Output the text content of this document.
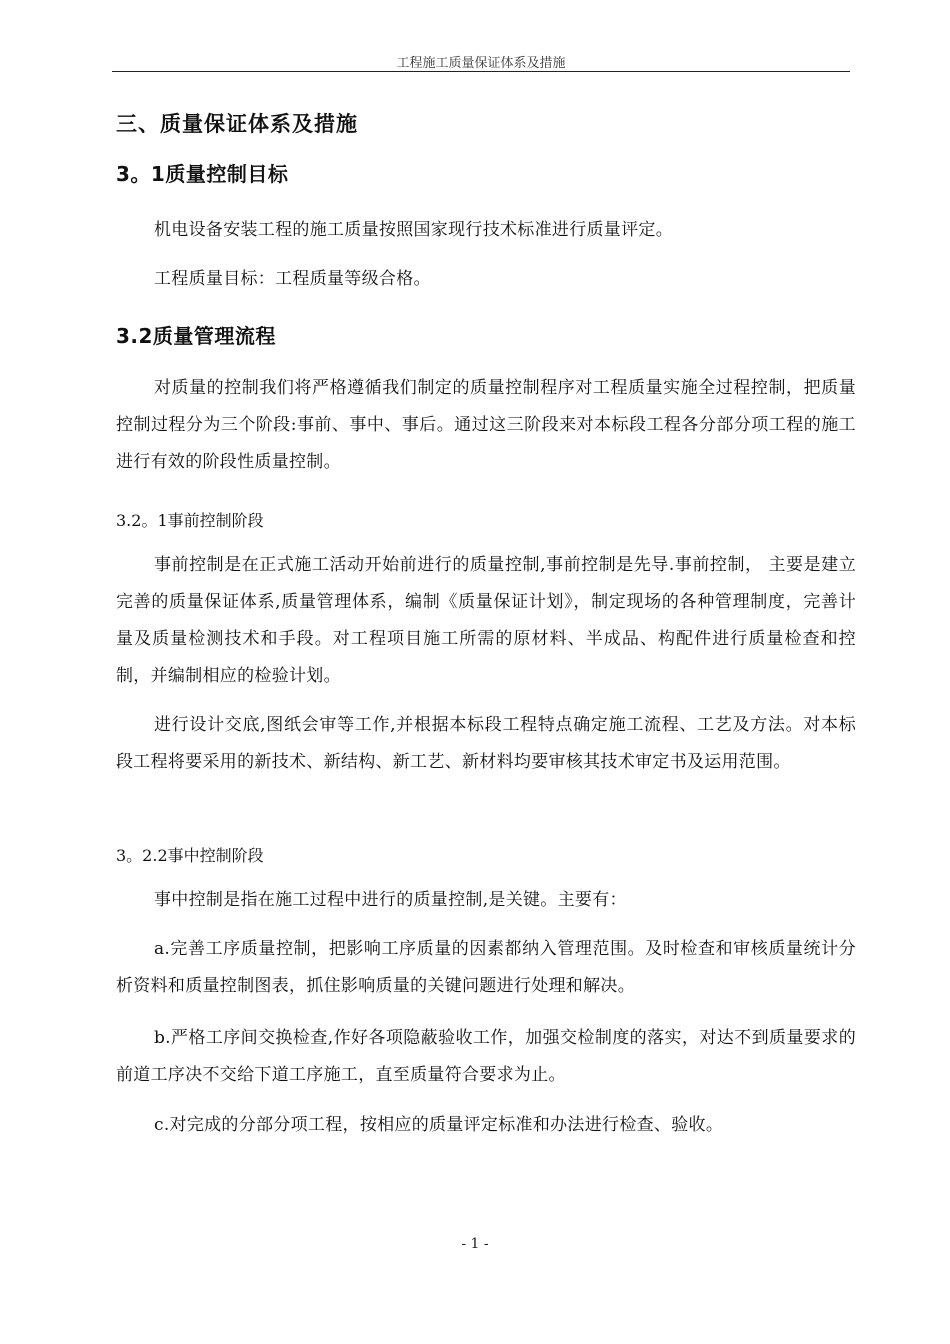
工程施工质量保证体系及措施
三、质量保证体系及措施
3。1质量控制目标
机电设备安装工程的施工质量按照国家现行技术标准进行质量评定。
工程质量目标：工程质量等级合格。
3.2质量管理流程
对质量的控制我们将严格遵循我们制定的质量控制程序对工程质量实施全过程控制，把质量控制过程分为三个阶段:事前、事中、事后。通过这三阶段来对本标段工程各分部分项工程的施工进行有效的阶段性质量控制。
3.2。1事前控制阶段
事前控制是在正式施工活动开始前进行的质量控制,事前控制是先导.事前控制， 主要是建立完善的质量保证体系,质量管理体系，编制《质量保证计划》，制定现场的各种管理制度，完善计量及质量检测技术和手段。对工程项目施工所需的原材料、半成品、构配件进行质量检查和控制，并编制相应的检验计划。
进行设计交底,图纸会审等工作,并根据本标段工程特点确定施工流程、工艺及方法。对本标段工程将要采用的新技术、新结构、新工艺、新材料均要审核其技术审定书及运用范围。
3。2.2事中控制阶段
事中控制是指在施工过程中进行的质量控制,是关键。主要有：
a.完善工序质量控制，把影响工序质量的因素都纳入管理范围。及时检查和审核质量统计分析资料和质量控制图表，抓住影响质量的关键问题进行处理和解决。
b.严格工序间交换检查,作好各项隐蔽验收工作，加强交检制度的落实，对达不到质量要求的前道工序决不交给下道工序施工，直至质量符合要求为止。
c.对完成的分部分项工程，按相应的质量评定标准和办法进行检查、验收。
- 1 -
